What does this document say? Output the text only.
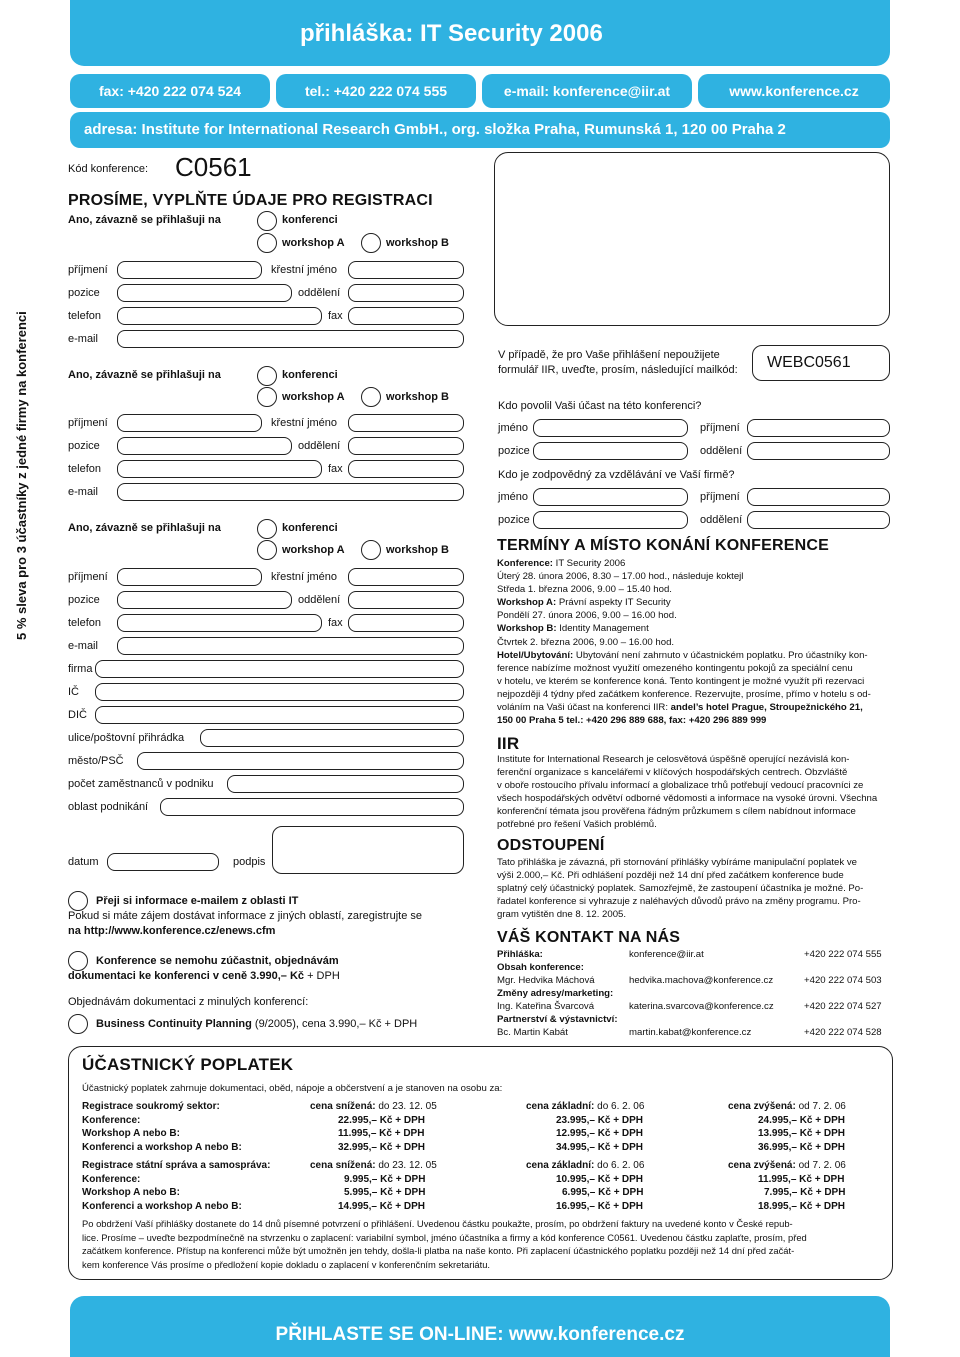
přihláška: IT Security 2006
fax: +420 222 074 524	tel.: +420 222 074 555	e-mail: konference@iir.at	www.konference.cz
adresa: Institute for International Research GmbH., org. složka Praha, Rumunská 1, 120 00 Praha 2
5 % sleva pro 3 účastníky z jedné firmy na konferenci
Kód konference: C0561
PROSÍME, VYPLŇTE ÚDAJE PRO REGISTRACI
Ano, závazně se přihlašuji na	konferenci
workshop A	workshop B
příjmení	křestní jméno
pozice	oddělení
telefon	fax
e-mail
Ano, závazně se přihlašuji na	konferenci
workshop A	workshop B
příjmení	křestní jméno
pozice	oddělení
telefon	fax
e-mail
Ano, závazně se přihlašuji na	konferenci
workshop A	workshop B
příjmení	křestní jméno
pozice	oddělení
telefon	fax
e-mail
firma
IČ
DIČ
ulice/poštovní přihrádka
město/PSČ
počet zaměstnanců v podniku
oblast podnikání
datum	podpis
Přeji si informace e-mailem z oblasti IT
Pokud si máte zájem dostávat informace z jiných oblastí, zaregistrujte se
na http://www.konference.cz/enews.cfm
Konference se nemohu zúčastnit, objednávám
dokumentaci ke konferenci v ceně 3.990,– Kč + DPH
Objednávám dokumentaci z minulých konferencí:
Business Continuity Planning (9/2005), cena 3.990,– Kč + DPH
V případě, že pro Vaše přihlášení nepoužijete
formulář IIR, uveďte, prosím, následující mailkód: WEBC0561
Kdo povolil Vaši účast na této konferenci?
jméno	příjmení
pozice	oddělení
Kdo je zodpovědný za vzdělávání ve Vaší firmě?
jméno	příjmení
pozice	oddělení
TERMÍNY A MÍSTO KONÁNÍ KONFERENCE
Konference: IT Security 2006
Úterý 28. února 2006, 8.30 – 17.00 hod., následuje koktejl
Středa 1. března 2006, 9.00 – 15.40 hod.
Workshop A: Právní aspekty IT Security
Pondělí 27. února 2006, 9.00 – 16.00 hod.
Workshop B: Identity Management
Čtvrtek 2. března 2006, 9.00 – 16.00 hod.
Hotel/Ubytování: Ubytování není zahrnuto v účastnickém poplatku. Pro účastníky kon-
ference nabízíme možnost využití omezeného kontingentu pokojů za speciální cenu
v hotelu, ve kterém se konference koná. Tento kontingent je možné využít při rezervaci
nejpozději 4 týdny před začátkem konference. Rezervujte, prosíme, přímo v hotelu s od-
voláním na Vaši účast na konferenci IIR: andel’s hotel Prague, Stroupežnického 21,
150 00 Praha 5 tel.: +420 296 889 688, fax: +420 296 889 999
IIR
Institute for International Research je celosvětová úspěšně operující nezávislá kon-
ferenční organizace s kancelářemi v klíčových hospodářských centrech. Obzvláště
v oboře rostoucího přívalu informací a globalizace trhů potřebují vedoucí pracovníci ze
všech hospodářských odvětví odborné vědomosti a informace na vysoké úrovni. Všechna
konferenční témata jsou prověřena řádným průzkumem s cílem nabídnout informace
potřebné pro řešení Vašich problémů.
ODSTOUPENÍ
Tato přihláška je závazná, při stornování přihlášky vybíráme manipulační poplatek ve
výši 2.000,– Kč. Při odhlášení později než 14 dní před začátkem konference bude
splatný celý účastnický poplatek. Samozřejmě, že zastoupení účastníka je možné. Po-
řadatel konference si vyhrazuje z naléhavých důvodů právo na změny programu. Pro-
gram vytištěn dne 8. 12. 2005.
VÁŠ KONTAKT NA NÁS
Přihláška:	konference@iir.at	+420 222 074 555
Obsah konference:		
Mgr. Hedvika Máchová	hedvika.machova@konference.cz	+420 222 074 503
Změny adresy/marketing:		
Ing. Kateřina Švarcová	katerina.svarcova@konference.cz	+420 222 074 527
Partnerství & výstavnictví:		
Bc. Martin Kabát	martin.kabat@konference.cz	+420 222 074 528
ÚČASTNICKÝ POPLATEK
Účastnický poplatek zahrnuje dokumentaci, oběd, nápoje a občerstvení a je stanoven na osobu za:
Registrace soukromý sektor:	cena snížená: do 23. 12. 05	cena základní: do 6. 2. 06	cena zvýšená: od 7. 2. 06
Konference:	22.995,– Kč + DPH	23.995,– Kč + DPH	24.995,– Kč + DPH
Workshop A nebo B:	11.995,– Kč + DPH	12.995,– Kč + DPH	13.995,– Kč + DPH
Konferenci a workshop A nebo B:	32.995,– Kč + DPH	34.995,– Kč + DPH	36.995,– Kč + DPH
Registrace státní správa a samospráva:	cena snížená: do 23. 12. 05	cena základní: do 6. 2. 06	cena zvýšená: od 7. 2. 06
Konference:	9.995,– Kč + DPH	10.995,– Kč + DPH	11.995,– Kč + DPH
Workshop A nebo B:	5.995,– Kč + DPH	6.995,– Kč + DPH	7.995,– Kč + DPH
Konferenci a workshop A nebo B:	14.995,– Kč + DPH	16.995,– Kč + DPH	18.995,– Kč + DPH
Po obdržení Vaší přihlášky dostanete do 14 dnů písemné potvrzení o přihlášení. Uvedenou částku poukažte, prosím, po obdržení faktury na uvedené konto v České repub-
lice. Prosíme – uveďte bezpodmínečně na stvrzenku o zaplacení: variabilní symbol, jméno účastníka a firmy a kód konference C0561. Uvedenou částku zaplaťte, prosím, před
začátkem konference. Přístup na konferenci může být umožněn jen tehdy, došla-li platba na naše konto. Při zaplacení účastnického poplatku později než 14 dní před začát-
kem konference Vás prosíme o předložení kopie dokladu o zaplacení v konferenčním sekretariátu.
PŘIHLASTE SE ON-LINE: www.konference.cz
